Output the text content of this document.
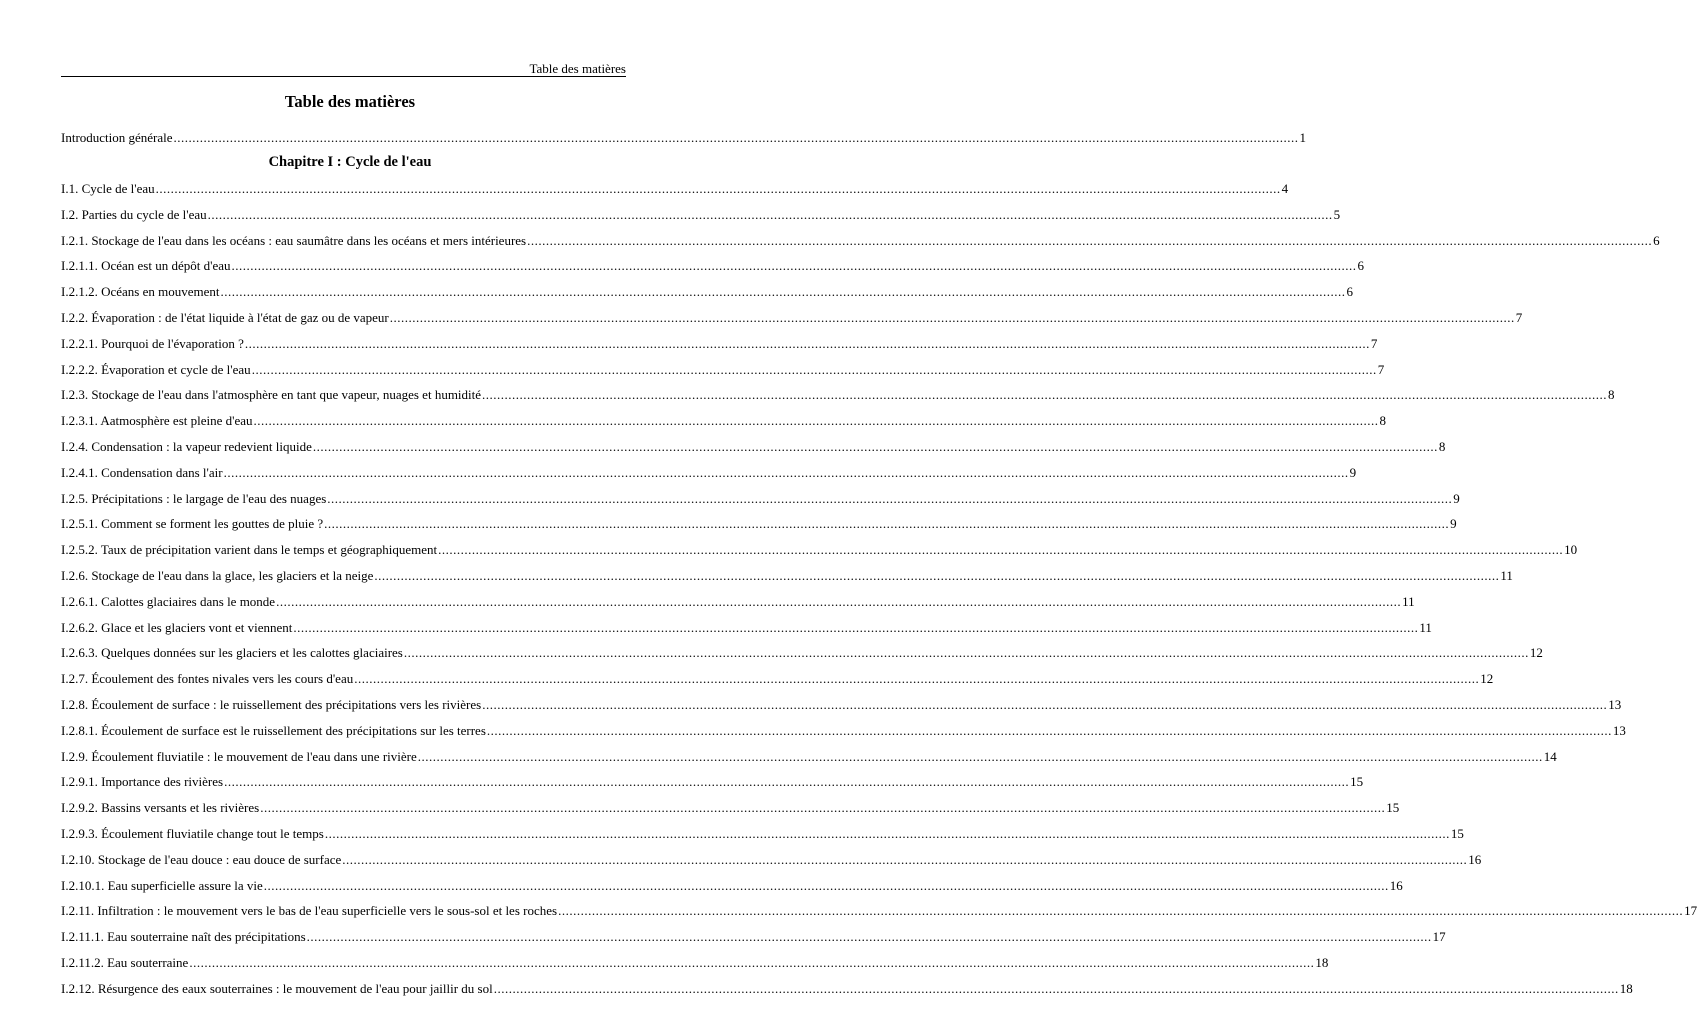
Table des matières
Table des matières
Introduction générale ............................................................................................................................................................................................................................................................................................................ 1
I.1. Cycle de l'eau ............................................................................................................................................................................................................................................................................................................ 4
I.2. Parties du cycle de l'eau ............................................................................................................................................................................................................................................................................................................ 5
I.2.1. Stockage de l'eau dans les océans : eau saumâtre dans les océans et mers intérieures ............................................................................................................................................................................................................................................................................................................ 6
I.2.1.1. Océan est un dépôt d'eau ............................................................................................................................................................................................................................................................................................................ 6
I.2.1.2. Océans en mouvement ............................................................................................................................................................................................................................................................................................................ 6
I.2.2. Évaporation : de l'état liquide à l'état de gaz ou de vapeur ............................................................................................................................................................................................................................................................................................................ 7
I.2.2.1. Pourquoi de l'évaporation ? ............................................................................................................................................................................................................................................................................................................ 7
I.2.2.2. Évaporation et cycle de l'eau ............................................................................................................................................................................................................................................................................................................ 7
I.2.3. Stockage de l'eau dans l'atmosphère en tant que vapeur, nuages et humidité ............................................................................................................................................................................................................................................................................................................ 8
I.2.3.1. Aatmosphère est pleine d'eau ............................................................................................................................................................................................................................................................................................................ 8
I.2.4. Condensation : la vapeur redevient liquide ............................................................................................................................................................................................................................................................................................................ 8
I.2.4.1. Condensation dans l'air ............................................................................................................................................................................................................................................................................................................ 9
I.2.5. Précipitations : le largage de l'eau des nuages ............................................................................................................................................................................................................................................................................................................ 9
I.2.5.1. Comment se forment les gouttes de pluie ? ............................................................................................................................................................................................................................................................................................................ 9
I.2.5.2. Taux de précipitation varient dans le temps et géographiquement ............................................................................................................................................................................................................................................................................................................ 10
I.2.6. Stockage de l'eau dans la glace, les glaciers et la neige ............................................................................................................................................................................................................................................................................................................ 11
I.2.6.1. Calottes glaciaires dans le monde ............................................................................................................................................................................................................................................................................................................ 11
I.2.6.2. Glace et les glaciers vont et viennent ............................................................................................................................................................................................................................................................................................................ 11
I.2.6.3. Quelques données sur les glaciers et les calottes glaciaires ............................................................................................................................................................................................................................................................................................................ 12
I.2.7. Écoulement des fontes nivales vers les cours d'eau ............................................................................................................................................................................................................................................................................................................ 12
I.2.8. Écoulement de surface : le ruissellement des précipitations vers les rivières ............................................................................................................................................................................................................................................................................................................ 13
I.2.8.1. Écoulement de surface est le ruissellement des précipitations sur les terres ............................................................................................................................................................................................................................................................................................................ 13
I.2.9. Écoulement fluviatile : le mouvement de l'eau dans une rivière ............................................................................................................................................................................................................................................................................................................ 14
I.2.9.1. Importance des rivières ............................................................................................................................................................................................................................................................................................................ 15
I.2.9.2. Bassins versants et les rivières ............................................................................................................................................................................................................................................................................................................ 15
I.2.9.3. Écoulement fluviatile change tout le temps ............................................................................................................................................................................................................................................................................................................ 15
I.2.10. Stockage de l'eau douce : eau douce de surface ............................................................................................................................................................................................................................................................................................................ 16
I.2.10.1. Eau superficielle assure la vie ............................................................................................................................................................................................................................................................................................................ 16
I.2.11. Infiltration : le mouvement vers le bas de l'eau superficielle vers le sous-sol et les roches ............................................................................................................................................................................................................................................................................................................ 17
I.2.11.1. Eau souterraine naît des précipitations ............................................................................................................................................................................................................................................................................................................ 17
I.2.11.2. Eau souterraine ............................................................................................................................................................................................................................................................................................................ 18
I.2.12. Résurgence des eaux souterraines : le mouvement de l'eau pour jaillir du sol ............................................................................................................................................................................................................................................................................................................ 18
Chapitre I : Cycle de l'eau
